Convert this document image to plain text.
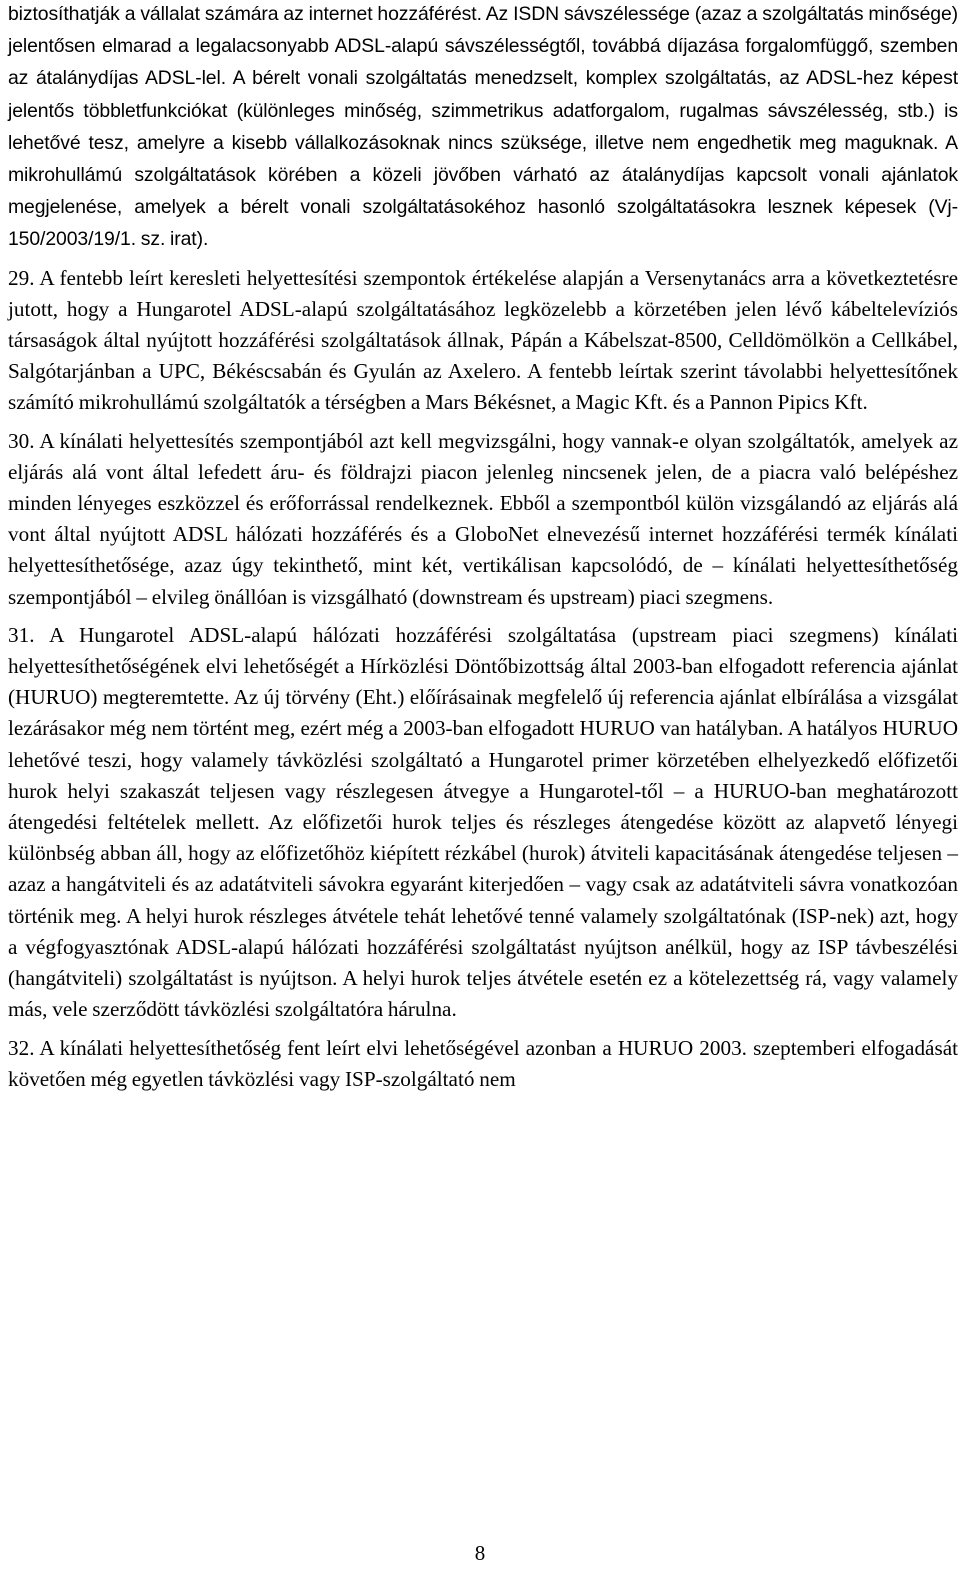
biztosíthatják a vállalat számára az internet hozzáférést. Az ISDN sávszélessége (azaz a szolgáltatás minősége) jelentősen elmarad a legalacsonyabb ADSL-alapú sávszélességtől, továbbá díjazása forgalomfüggő, szemben az átalánydíjas ADSL-lel. A bérelt vonali szolgáltatás menedzselt, komplex szolgáltatás, az ADSL-hez képest jelentős többletfunkciókat (különleges minőség, szimmetrikus adatforgalom, rugalmas sávszélesség, stb.) is lehetővé tesz, amelyre a kisebb vállalkozásoknak nincs szüksége, illetve nem engedhetik meg maguknak. A mikrohullámú szolgáltatások körében a közeli jövőben várható az átalánydíjas kapcsolt vonali ajánlatok megjelenése, amelyek a bérelt vonali szolgáltatásokéhoz hasonló szolgáltatásokra lesznek képesek (Vj-150/2003/19/1. sz. irat).

29. A fentebb leírt keresleti helyettesítési szempontok értékelése alapján a Versenytanács arra a következtetésre jutott, hogy a Hungarotel ADSL-alapú szolgáltatásához legközelebb a körzetében jelen lévő kábeltelevíziós társaságok által nyújtott hozzáférési szolgáltatások állnak, Pápán a Kábelszat-8500, Celldömölkön a Cellkábel, Salgótarjánban a UPC, Békéscsabán és Gyulán az Axelero. A fentebb leírtak szerint távolabbi helyettesítőnek számító mikrohullámú szolgáltatók a térségben a Mars Békésnet, a Magic Kft. és a Pannon Pipics Kft.

30. A kínálati helyettesítés szempontjából azt kell megvizsgálni, hogy vannak-e olyan szolgáltatók, amelyek az eljárás alá vont által lefedett áru- és földrajzi piacon jelenleg nincsenek jelen, de a piacra való belépéshez minden lényeges eszközzel és erőforrással rendelkeznek. Ebből a szempontból külön vizsgálandó az eljárás alá vont által nyújtott ADSL hálózati hozzáférés és a GloboNet elnevezésű internet hozzáférési termék kínálati helyettesíthetősége, azaz úgy tekinthető, mint két, vertikálisan kapcsolódó, de – kínálati helyettesíthetőség szempontjából – elvileg önállóan is vizsgálható (downstream és upstream) piaci szegmens.

31. A Hungarotel ADSL-alapú hálózati hozzáférési szolgáltatása (upstream piaci szegmens) kínálati helyettesíthetőségének elvi lehetőségét a Hírközlési Döntőbizottság által 2003-ban elfogadott referencia ajánlat (HURUO) megteremtette. Az új törvény (Eht.) előírásainak megfelelő új referencia ajánlat elbírálása a vizsgálat lezárásakor még nem történt meg, ezért még a 2003-ban elfogadott HURUO van hatályban. A hatályos HURUO lehetővé teszi, hogy valamely távközlési szolgáltató a Hungarotel primer körzetében elhelyezkedő előfizetői hurok helyi szakaszát teljesen vagy részlegesen átvegye a Hungarotel-től – a HURUO-ban meghatározott átengedési feltételek mellett. Az előfizetői hurok teljes és részleges átengedése között az alapvető lényegi különbség abban áll, hogy az előfizetőhöz kiépített rézkábel (hurok) átviteli kapacitásának átengedése teljesen – azaz a hangátviteli és az adatátviteli sávokra egyaránt kiterjedően – vagy csak az adatátviteli sávra vonatkozóan történik meg. A helyi hurok részleges átvétele tehát lehetővé tenné valamely szolgáltatónak (ISP-nek) azt, hogy a végfogyasztónak ADSL-alapú hálózati hozzáférési szolgáltatást nyújtson anélkül, hogy az ISP távbeszélési (hangátviteli) szolgáltatást is nyújtson. A helyi hurok teljes átvétele esetén ez a kötelezettség rá, vagy valamely más, vele szerződött távközlési szolgáltatóra hárulna.

32. A kínálati helyettesíthetőség fent leírt elvi lehetőségével azonban a HURUO 2003. szeptemberi elfogadását követően még egyetlen távközlési vagy ISP-szolgáltató nem

8
